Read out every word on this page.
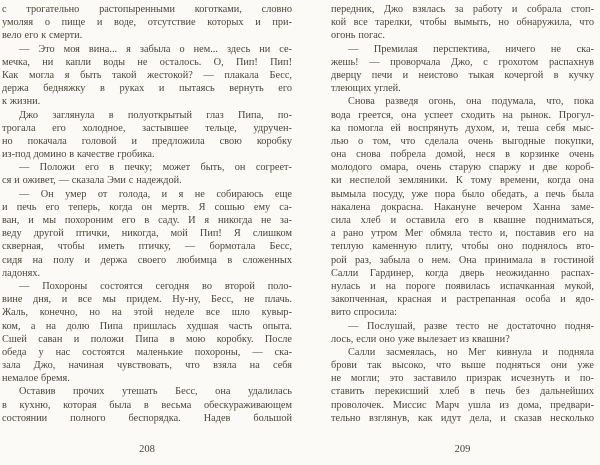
с трогательно растопыренными коготками, словно
умоляя о пище и воде, отсутствие которых и при-
вело его к смерти.
— Это моя вина... я забыла о нем... здесь ни се-
мечка, ни капли воды не осталось. О, Пип! Пип!
Как могла я быть такой жестокой? — плакала Бесс,
держа бедняжку в руках и пытаясь вернуть его
к жизни.
Джо заглянула в полуоткрытый глаз Пипа, по-
трогала его холодное, застывшее тельце, удручен-
но покачала головой и предложила свою коробку
из-под домино в качестве гробика.
— Положи его в печку; может быть, он согреет-
ся и оживет, — сказала Эми с надеждой.
— Он умер от голода, и я не собираюсь еще
и печь его теперь, когда он мертв. Я сошью ему са-
ван, и мы похороним его в саду. И я никогда не за-
веду другой птички, никогда, мой Пип! Я слишком
скверная, чтобы иметь птичку, — бормотала Бесс,
сидя на полу и держа своего любимца в сложенных
ладонях.
— Похороны состоятся сегодня во второй поло-
вине дня, и все мы придем. Ну-ну, Бесс, не плачь.
Жаль, конечно, но на этой неделе все шло кувыр-
ком, а на долю Пипа пришлась худшая часть опыта.
Сшей саван и положи Пипа в мою коробку. После
обеда у нас состоятся маленькие похороны, — ска-
зала Джо, начиная чувствовать, что взяла на себя
немалое бремя.
Оставив прочих утешать Бесс, она удалилась
в кухню, которая была в весьма обескураживающем
состоянии полного беспорядка. Надев большой
208
передник, Джо взялась за работу и собрала стоп-
кой все тарелки, чтобы вымыть, но обнаружила, что
огонь погас.
— Премилая перспектива, ничего не ска-
жешь! — проворчала Джо, с грохотом распахнув
дверцу печи и неистово тыкая кочергой в кучку
тлеющих углей.
Снова разведя огонь, она подумала, что, пока
вода греется, она успеет сходить на рынок. Прогул-
ка помогла ей воспрянуть духом, и, теша себя мыс-
лью о том, что сделала очень выгодные покупки,
она снова побрела домой, неся в корзинке очень
молодого омара, очень старую спаржу и две короб-
ки неспелой земляники. К тому времени, когда она
вымыла посуду, уже пора было обедать, а печь была
накалена докрасна. Накануне вечером Ханна заме-
сила хлеб и оставила его в квашне подниматься,
а рано утром Мег обмяла тесто и, поставив его на
теплую каменную плиту, чтобы оно поднялось вто-
рой раз, забыла о нем. Она принимала в гостиной
Салли Гардинер, когда дверь неожиданно распах-
нулась и на пороге появилась испачканная мукой,
закопченная, красная и растрепанная особа и ядо-
вито спросила:
— Послушай, разве тесто не достаточно подня-
лось, если оно уже вылезает из квашни?
Салли засмеялась, но Мег кивнула и подняла
брови так высоко, что выше подняться они уже
не могли; это заставило призрак исчезнуть и по-
ставить перекисший хлеб в печь без дальнейших
проволочек. Миссис Марч ушла из дома, предвари-
тельно взглянув, как идут дела, и сказав несколько
209
